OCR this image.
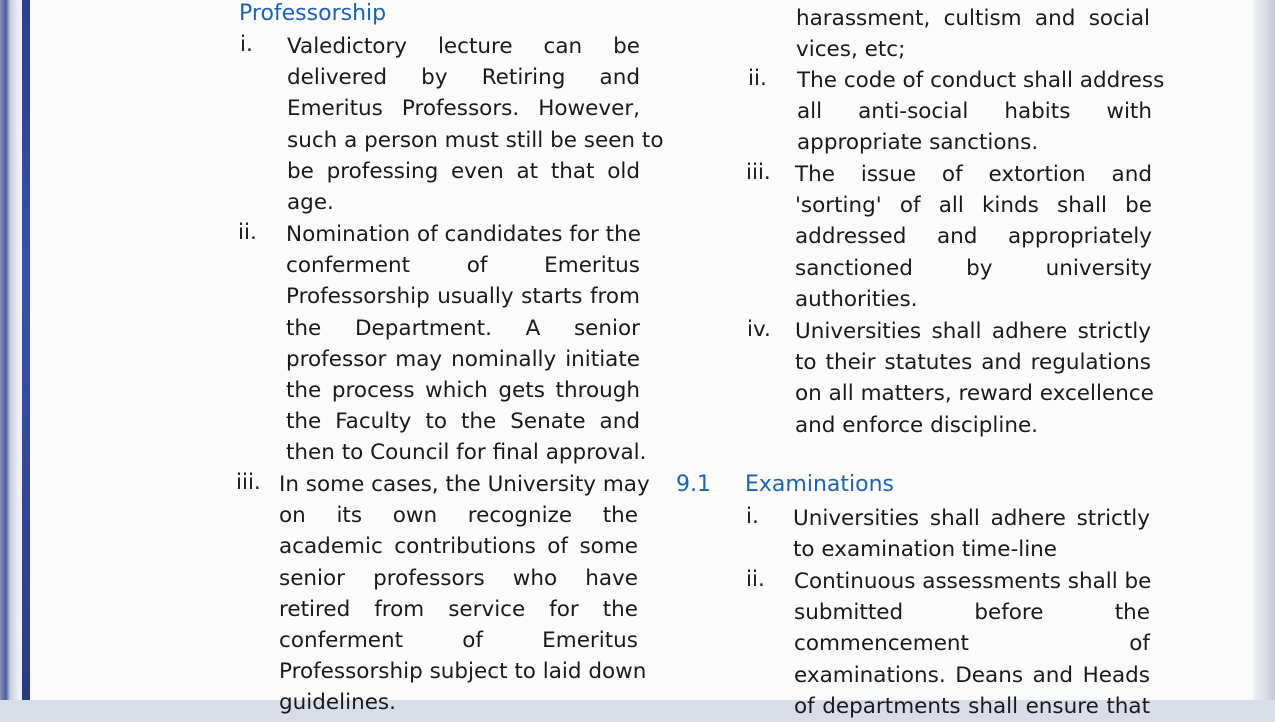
Professorship
i. Valedictory lecture can be
delivered by Retiring and
Emeritus Professors. However,
such a person must still be seen to
be professing even at that old
age.
ii. Nomination of candidates for the
conferment of Emeritus
Professorship usually starts from
the Department. A senior
professor may nominally initiate
the process which gets through
the Faculty to the Senate and
then to Council for final approval.
iii. In some cases, the University may
on its own recognize the
academic contributions of some
senior professors who have
retired from service for the
conferment of Emeritus
Professorship subject to laid down
guidelines.
harassment, cultism and social
vices, etc;
ii. The code of conduct shall address
all anti-social habits with
appropriate sanctions.
iii. The issue of extortion and
'sorting' of all kinds shall be
addressed and appropriately
sanctioned by university
authorities.
iv. Universities shall adhere strictly
to their statutes and regulations
on all matters, reward excellence
and enforce discipline.
9.1 Examinations
i. Universities shall adhere strictly
to examination time-line
ii. Continuous assessments shall be
submitted before the
commencement of
examinations. Deans and Heads
of departments shall ensure that
